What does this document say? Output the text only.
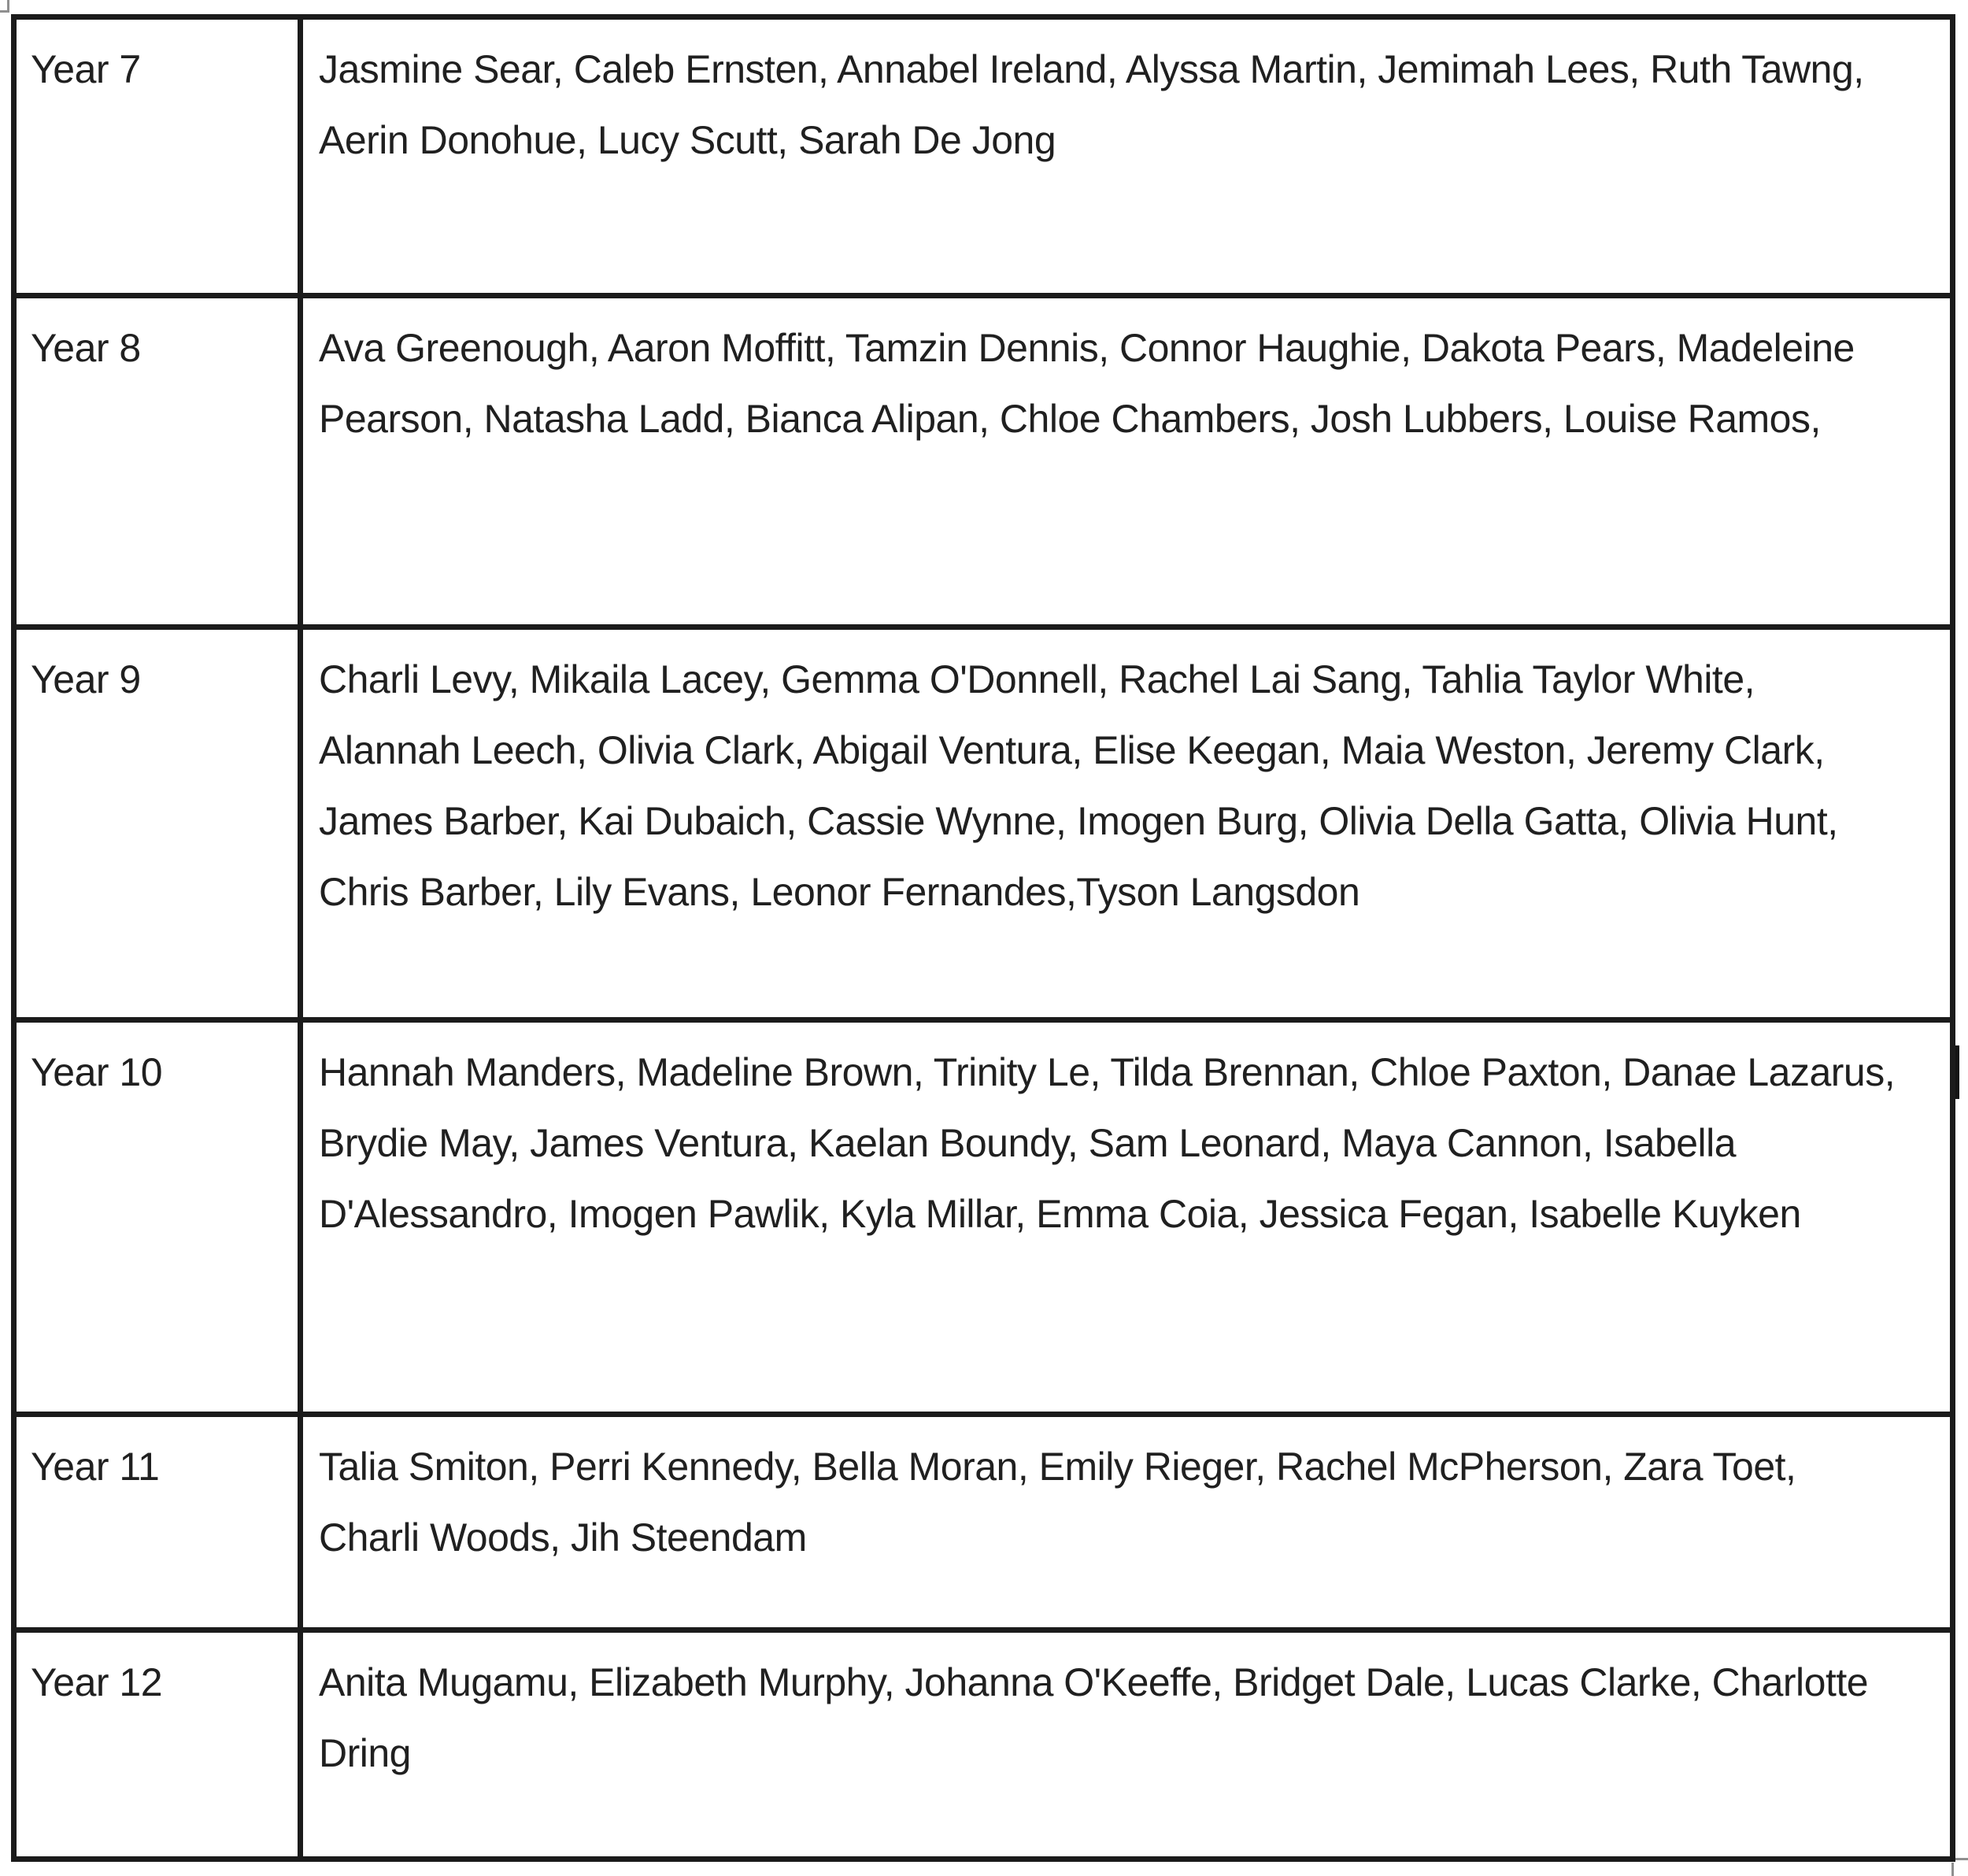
Year 7	Jasmine Sear, Caleb Ernsten, Annabel Ireland, Alyssa Martin, Jemimah Lees, Ruth Tawng, Aerin Donohue, Lucy Scutt, Sarah De Jong
Year 8	Ava Greenough, Aaron Moffitt, Tamzin Dennis, Connor Haughie, Dakota Pears, Madeleine Pearson, Natasha Ladd, Bianca Alipan, Chloe Chambers, Josh Lubbers, Louise Ramos,
Year 9	Charli Levy, Mikaila Lacey, Gemma O'Donnell, Rachel Lai Sang, Tahlia Taylor White, Alannah Leech, Olivia Clark, Abigail Ventura, Elise Keegan, Maia Weston, Jeremy Clark, James Barber, Kai Dubaich, Cassie Wynne, Imogen Burg, Olivia Della Gatta, Olivia Hunt, Chris Barber, Lily Evans, Leonor Fernandes,Tyson Langsdon
Year 10	Hannah Manders, Madeline Brown, Trinity Le, Tilda Brennan, Chloe Paxton, Danae Lazarus, Brydie May, James Ventura, Kaelan Boundy, Sam Leonard, Maya Cannon, Isabella D'Alessandro, Imogen Pawlik, Kyla Millar, Emma Coia, Jessica Fegan, Isabelle Kuyken
Year 11	Talia Smiton, Perri Kennedy, Bella Moran, Emily Rieger, Rachel McPherson, Zara Toet, Charli Woods, Jih Steendam
Year 12	Anita Mugamu, Elizabeth Murphy, Johanna O'Keeffe, Bridget Dale, Lucas Clarke, Charlotte Dring
